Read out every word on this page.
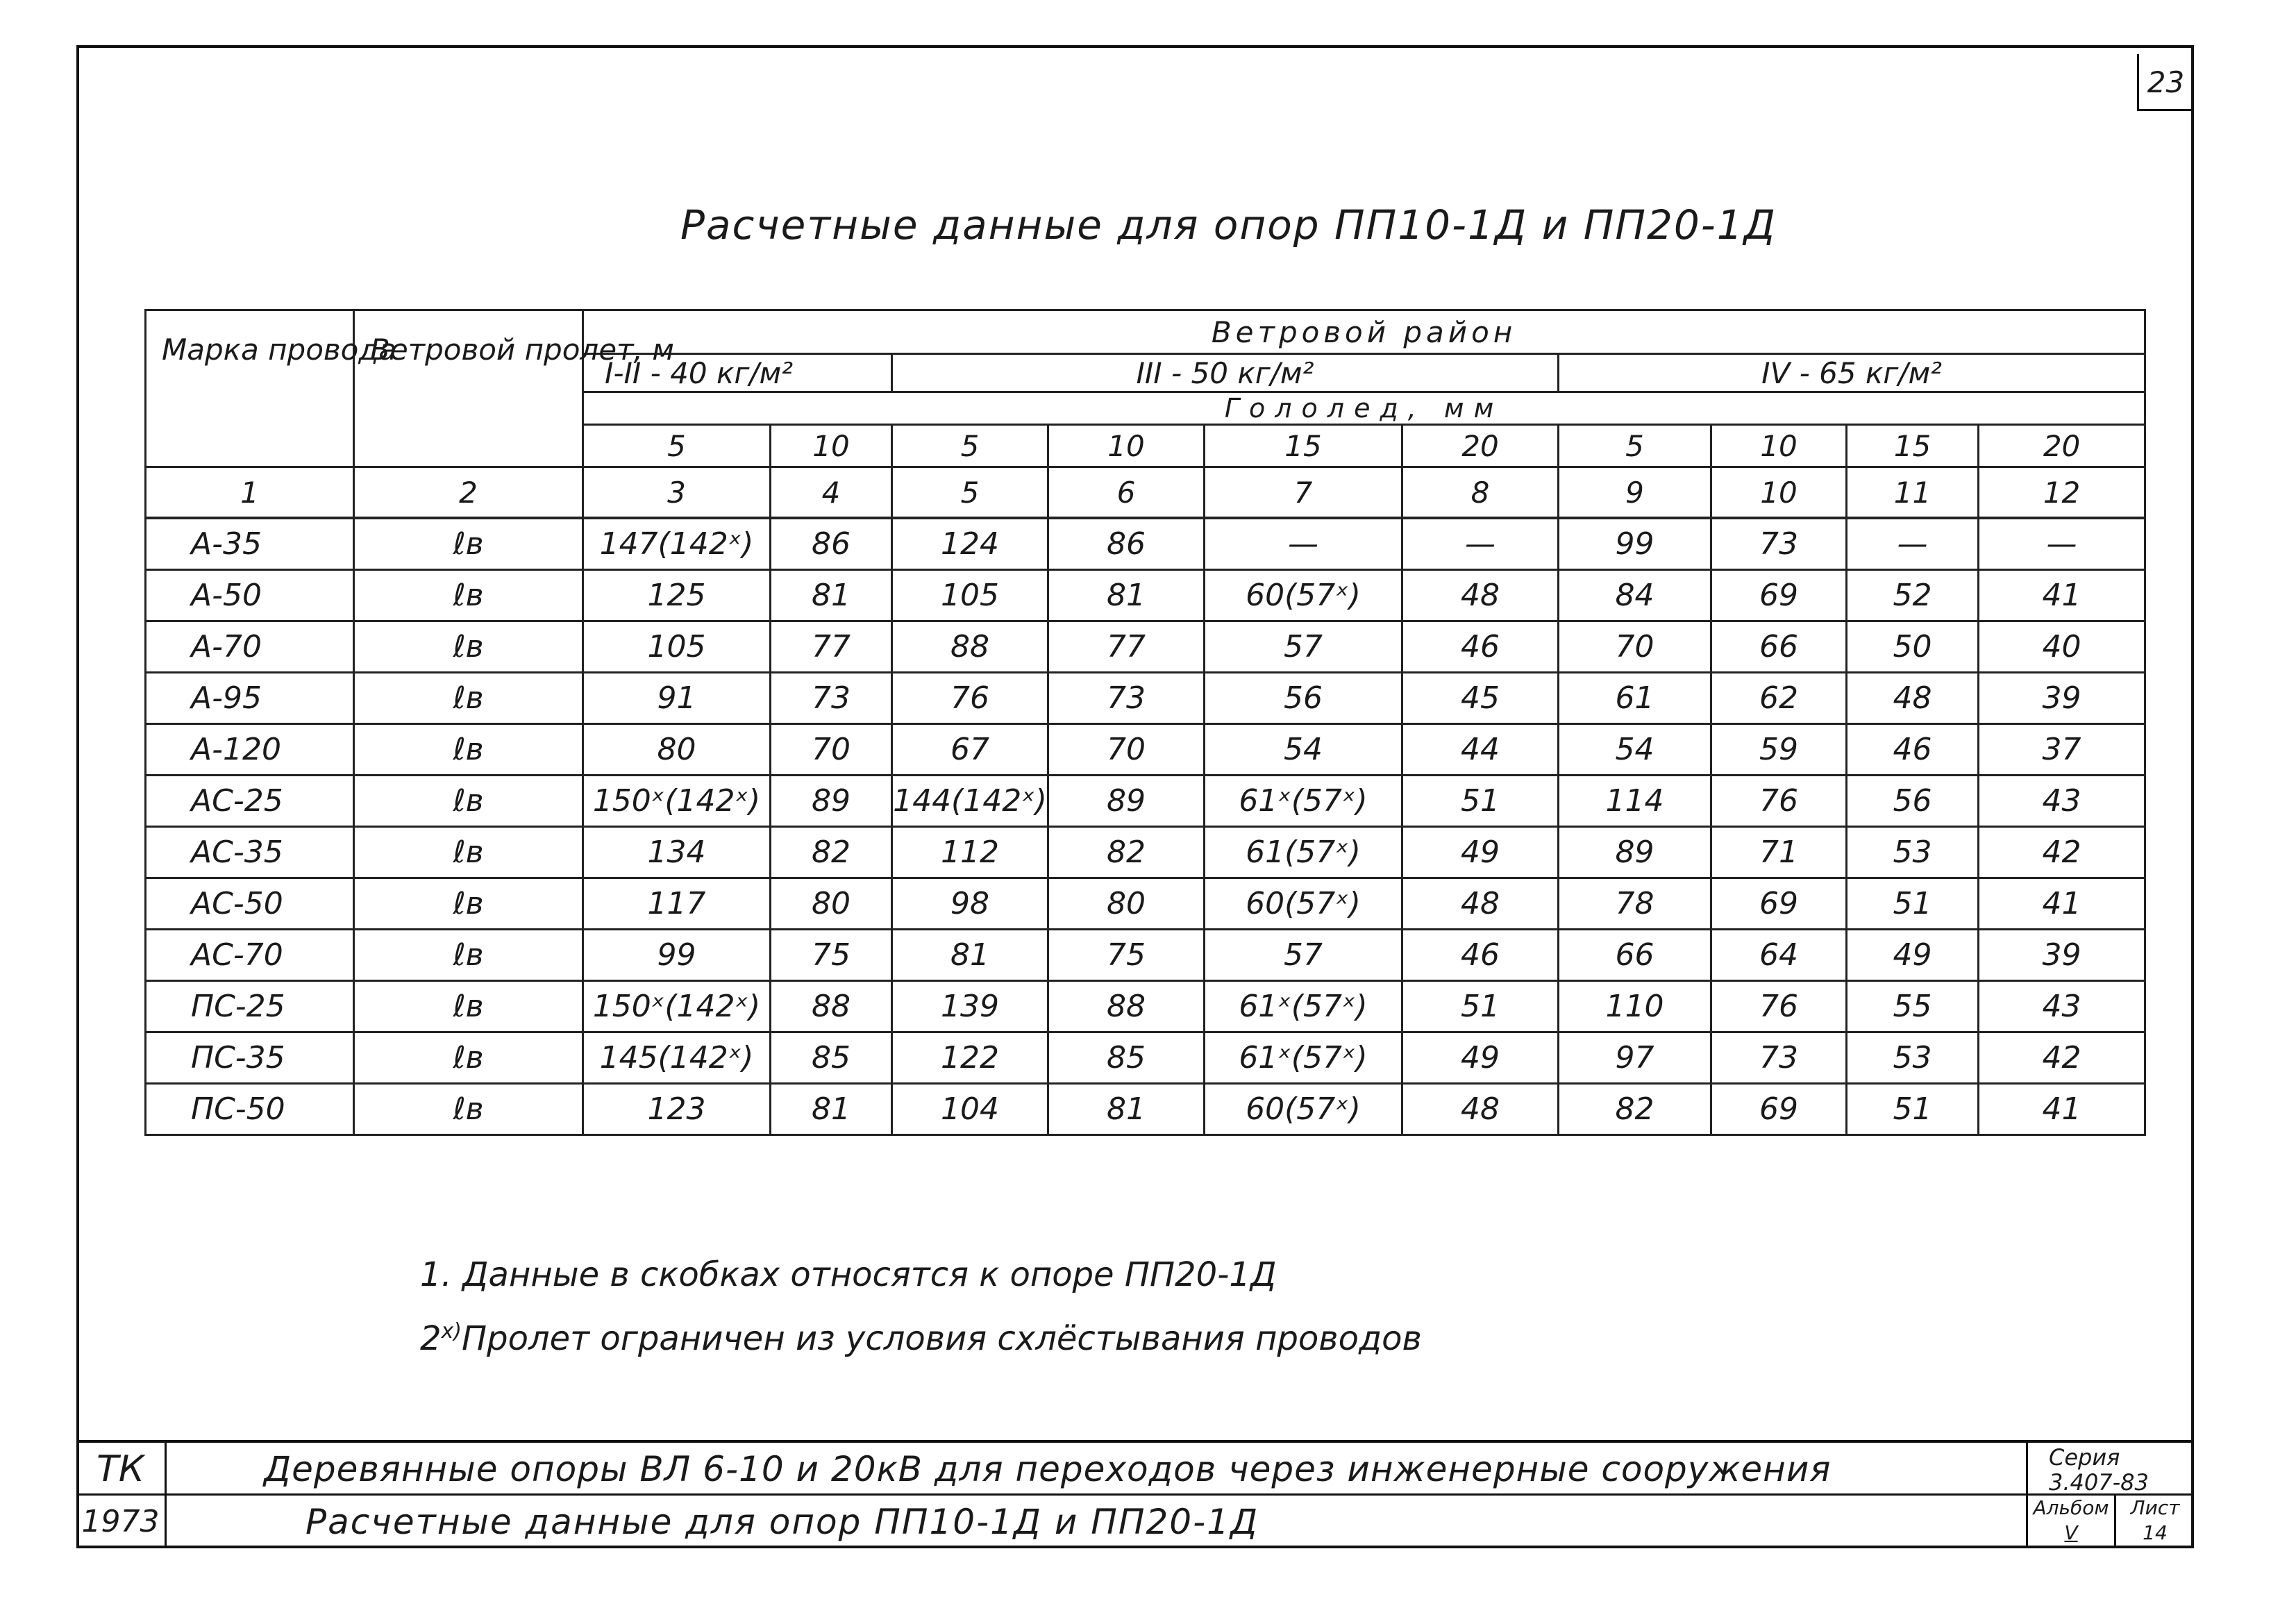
23
Расчетные данные для опор ПП10-1Д и ПП20-1Д
Марка провода	Ветровой пролет, м	Ветровой район									
		I-II - 40 кг/м²		III - 50 кг/м²				IV - 65 кг/м²			
		Гололед, мм									
		5	10	5	10	15	20	5	10	15	20
1	2	3	4	5	6	7	8	9	10	11	12
А-35	ℓв	147(142ˣ)	86	124	86	—	—	99	73	—	—
А-50	ℓв	125	81	105	81	60(57ˣ)	48	84	69	52	41
А-70	ℓв	105	77	88	77	57	46	70	66	50	40
А-95	ℓв	91	73	76	73	56	45	61	62	48	39
А-120	ℓв	80	70	67	70	54	44	54	59	46	37
АС-25	ℓв	150ˣ(142ˣ)	89	144(142ˣ)	89	61ˣ(57ˣ)	51	114	76	56	43
АС-35	ℓв	134	82	112	82	61(57ˣ)	49	89	71	53	42
АС-50	ℓв	117	80	98	80	60(57ˣ)	48	78	69	51	41
АС-70	ℓв	99	75	81	75	57	46	66	64	49	39
ПС-25	ℓв	150ˣ(142ˣ)	88	139	88	61ˣ(57ˣ)	51	110	76	55	43
ПС-35	ℓв	145(142ˣ)	85	122	85	61ˣ(57ˣ)	49	97	73	53	42
ПС-50	ℓв	123	81	104	81	60(57ˣ)	48	82	69	51	41
1. Данные в скобках относятся к опоре ПП20-1Д
2$^{x)}$Пролет ограничен из условия схлёстывания проводов
ТК
1973
Деревянные опоры ВЛ 6-10 и 20кВ для переходов через инженерные сооружения
Расчетные данные для опор ПП10-1Д и ПП20-1Д
Серия
3.407-83
Альбом
V
Лист
14
